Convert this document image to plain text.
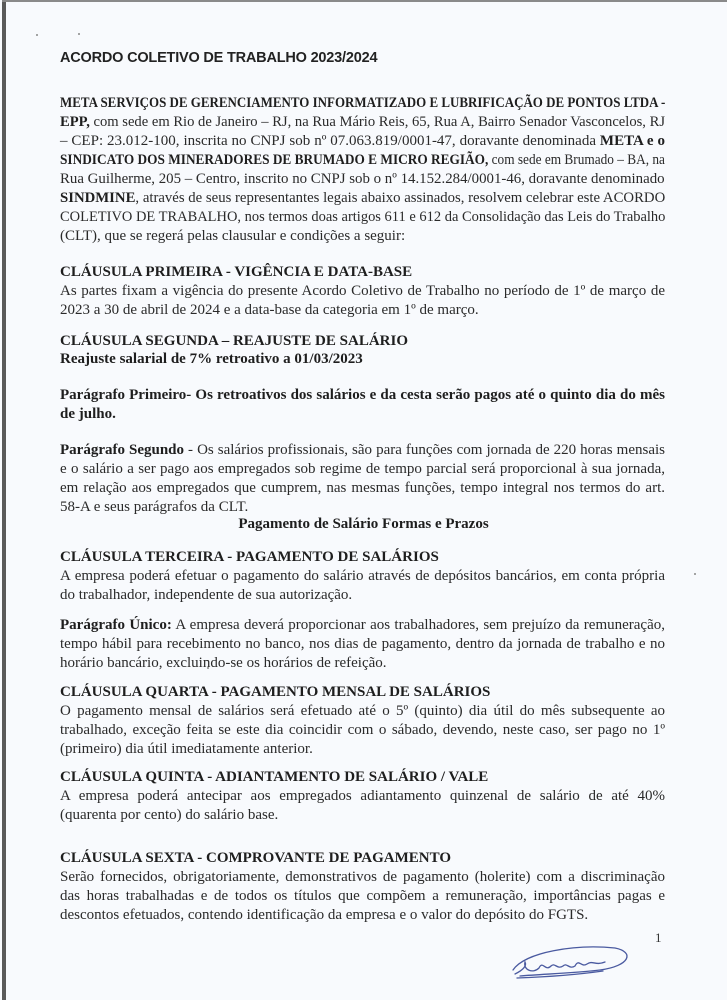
ACORDO COLETIVO DE TRABALHO 2023/2024
META SERVIÇOS DE GERENCIAMENTO INFORMATIZADO E LUBRIFICAÇÃO DE PONTOS LTDA -
EPP, com sede em Rio de Janeiro – RJ, na Rua Mário Reis, 65, Rua A, Bairro Senador Vasconcelos, RJ
– CEP: 23.012-100, inscrita no CNPJ sob nº 07.063.819/0001-47, doravante denominada META e o
SINDICATO DOS MINERADORES DE BRUMADO E MICRO REGIÃO, com sede em Brumado – BA, na
Rua Guilherme, 205 – Centro, inscrito no CNPJ sob o nº 14.152.284/0001-46, doravante denominado
SINDMINE, através de seus representantes legais abaixo assinados, resolvem celebrar este ACORDO
COLETIVO DE TRABALHO, nos termos doas artigos 611 e 612 da Consolidação das Leis do Trabalho
(CLT), que se regerá pelas clausular e condições a seguir:
CLÁUSULA PRIMEIRA - VIGÊNCIA E DATA-BASE
As partes fixam a vigência do presente Acordo Coletivo de Trabalho no período de 1º de março de
2023 a 30 de abril de 2024 e a data-base da categoria em 1º de março.
CLÁUSULA SEGUNDA – REAJUSTE DE SALÁRIO
Reajuste salarial de 7% retroativo a 01/03/2023
Parágrafo Primeiro- Os retroativos dos salários e da cesta serão pagos até o quinto dia do mês
de julho.
Parágrafo Segundo - Os salários profissionais, são para funções com jornada de 220 horas mensais
e o salário a ser pago aos empregados sob regime de tempo parcial será proporcional à sua jornada,
em relação aos empregados que cumprem, nas mesmas funções, tempo integral nos termos do art.
58-A e seus parágrafos da CLT.
Pagamento de Salário Formas e Prazos
CLÁUSULA TERCEIRA - PAGAMENTO DE SALÁRIOS
A empresa poderá efetuar o pagamento do salário através de depósitos bancários, em conta própria
do trabalhador, independente de sua autorização.
Parágrafo Único: A empresa deverá proporcionar aos trabalhadores, sem prejuízo da remuneração,
tempo hábil para recebimento no banco, nos dias de pagamento, dentro da jornada de trabalho e no
horário bancário, excluindo-se os horários de refeição.
CLÁUSULA QUARTA - PAGAMENTO MENSAL DE SALÁRIOS
O pagamento mensal de salários será efetuado até o 5º (quinto) dia útil do mês subsequente ao
trabalhado, exceção feita se este dia coincidir com o sábado, devendo, neste caso, ser pago no 1º
(primeiro) dia útil imediatamente anterior.
CLÁUSULA QUINTA - ADIANTAMENTO DE SALÁRIO / VALE
A empresa poderá antecipar aos empregados adiantamento quinzenal de salário de até 40%
(quarenta por cento) do salário base.
CLÁUSULA SEXTA - COMPROVANTE DE PAGAMENTO
Serão fornecidos, obrigatoriamente, demonstrativos de pagamento (holerite) com a discriminação
das horas trabalhadas e de todos os títulos que compõem a remuneração, importâncias pagas e
descontos efetuados, contendo identificação da empresa e o valor do depósito do FGTS.
1
